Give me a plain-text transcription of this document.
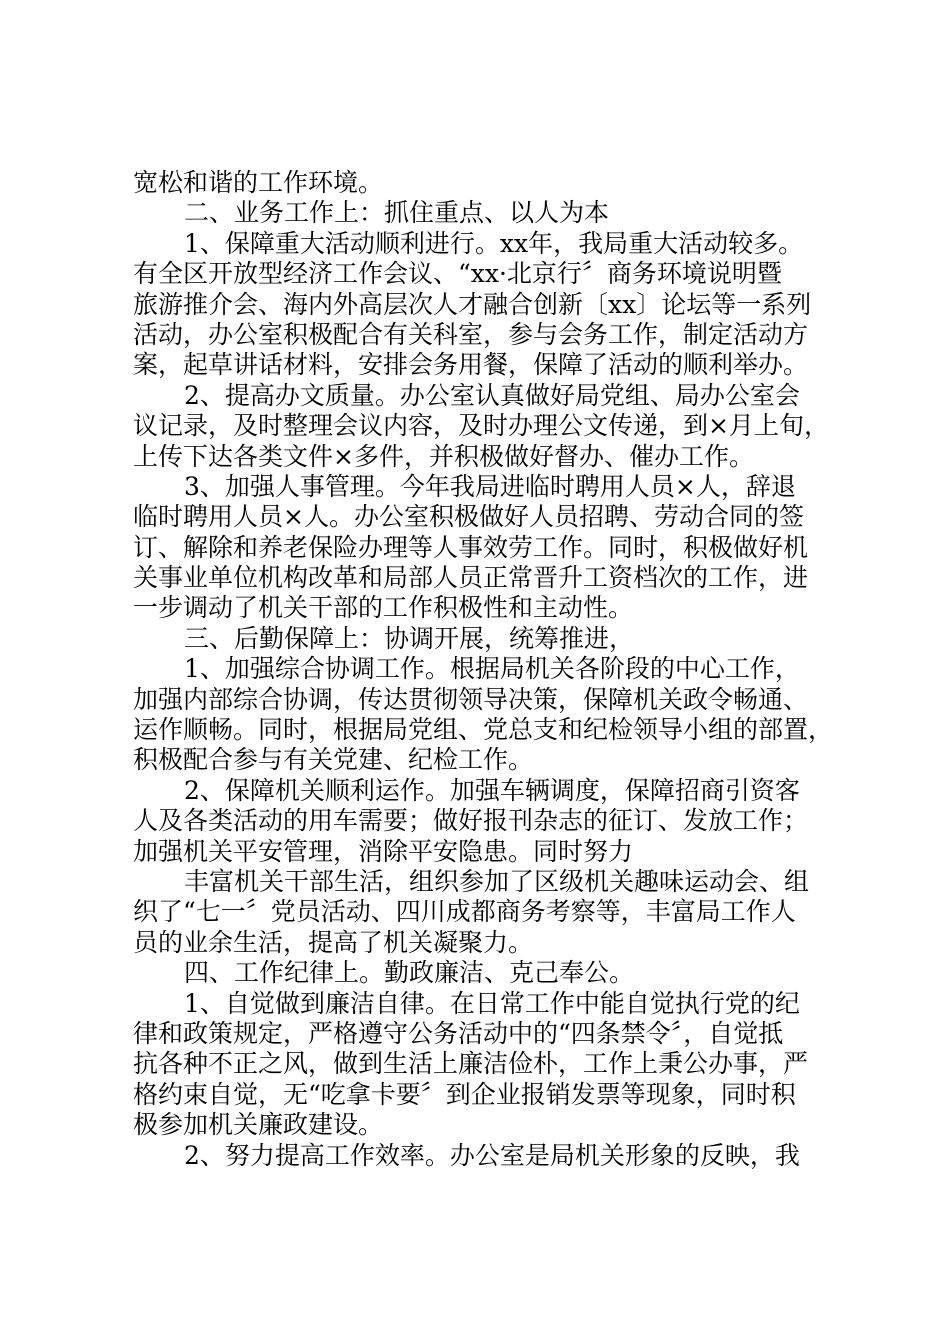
宽松和谐的工作环境。
二、业务工作上：抓住重点、以人为本
1、保障重大活动顺利进行。xx年，我局重大活动较多。
有全区开放型经济工作会议、“xx·北京行〞商务环境说明暨
旅游推介会、海内外高层次人才融合创新〔xx〕论坛等一系列
活动，办公室积极配合有关科室，参与会务工作，制定活动方
案，起草讲话材料，安排会务用餐，保障了活动的顺利举办。
2、提高办文质量。办公室认真做好局党组、局办公室会
议记录，及时整理会议内容，及时办理公文传递，到×月上旬，
上传下达各类文件×多件，并积极做好督办、催办工作。
3、加强人事管理。今年我局进临时聘用人员×人，辞退
临时聘用人员×人。办公室积极做好人员招聘、劳动合同的签
订、解除和养老保险办理等人事效劳工作。同时，积极做好机
关事业单位机构改革和局部人员正常晋升工资档次的工作，进
一步调动了机关干部的工作积极性和主动性。
三、后勤保障上：协调开展，统筹推进，
1、加强综合协调工作。根据局机关各阶段的中心工作，
加强内部综合协调，传达贯彻领导决策，保障机关政令畅通、
运作顺畅。同时，根据局党组、党总支和纪检领导小组的部置，
积极配合参与有关党建、纪检工作。
2、保障机关顺利运作。加强车辆调度，保障招商引资客
人及各类活动的用车需要；做好报刊杂志的征订、发放工作；
加强机关平安管理，消除平安隐患。同时努力
丰富机关干部生活，组织参加了区级机关趣味运动会、组
织了“七一〞党员活动、四川成都商务考察等，丰富局工作人
员的业余生活，提高了机关凝聚力。
四、工作纪律上。勤政廉洁、克己奉公。
1、自觉做到廉洁自律。在日常工作中能自觉执行党的纪
律和政策规定，严格遵守公务活动中的“四条禁令〞，自觉抵
抗各种不正之风，做到生活上廉洁俭朴，工作上秉公办事，严
格约束自觉，无“吃拿卡要〞到企业报销发票等现象，同时积
极参加机关廉政建设。
2、努力提高工作效率。办公室是局机关形象的反映，我
